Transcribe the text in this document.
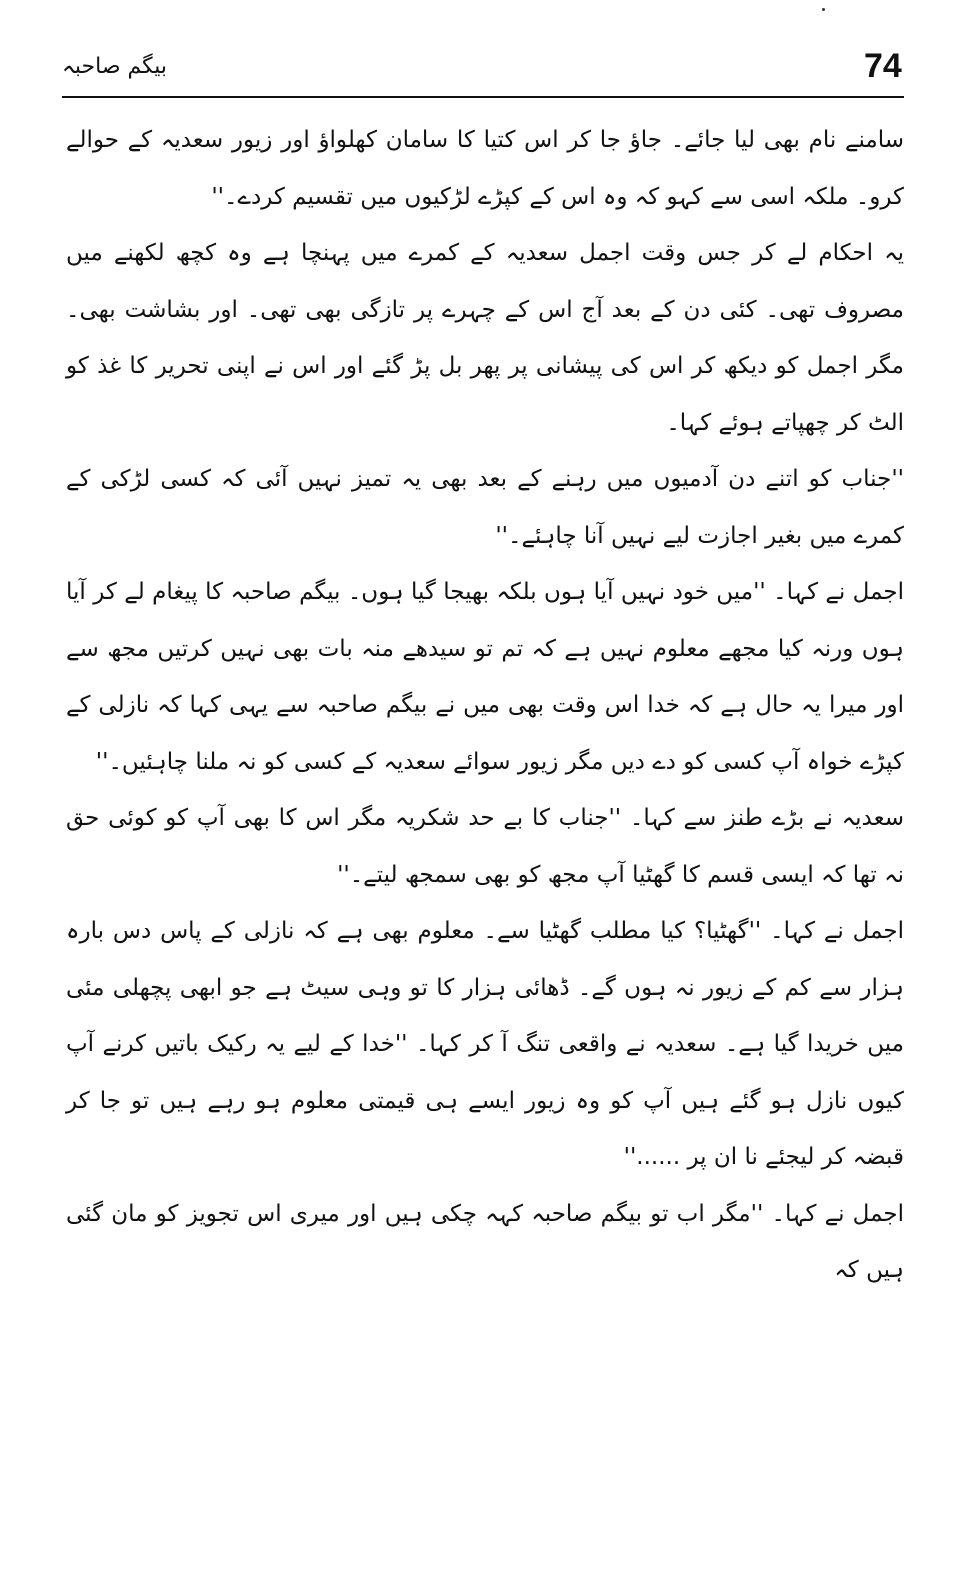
بیگم صاحبہ	74

سامنے نام بھی لیا جائے۔ جاؤ جا کر اس کتیا کا سامان کھلواؤ اور زیور سعدیہ کے حوالے کرو۔ ملکہ اسی سے کہو کہ وہ اس کے کپڑے لڑکیوں میں تقسیم کردے۔''

یہ احکام لے کر جس وقت اجمل سعدیہ کے کمرے میں پہنچا ہے وہ کچھ لکھنے میں مصروف تھی۔ کئی دن کے بعد آج اس کے چہرے پر تازگی بھی تھی۔ اور بشاشت بھی۔ مگر اجمل کو دیکھ کر اس کی پیشانی پر پھر بل پڑ گئے اور اس نے اپنی تحریر کا غذ کو الٹ کر چھپاتے ہوئے کہا۔

''جناب کو اتنے دن آدمیوں میں رہنے کے بعد بھی یہ تمیز نہیں آئی کہ کسی لڑکی کے کمرے میں بغیر اجازت لیے نہیں آنا چاہئے۔''

اجمل نے کہا۔ ''میں خود نہیں آیا ہوں بلکہ بھیجا گیا ہوں۔ بیگم صاحبہ کا پیغام لے کر آیا ہوں ورنہ کیا مجھے معلوم نہیں ہے کہ تم تو سیدھے منہ بات بھی نہیں کرتیں مجھ سے اور میرا یہ حال ہے کہ خدا اس وقت بھی میں نے بیگم صاحبہ سے یہی کہا کہ نازلی کے کپڑے خواہ آپ کسی کو دے دیں مگر زیور سوائے سعدیہ کے کسی کو نہ ملنا چاہئیں۔''

سعدیہ نے بڑے طنز سے کہا۔ ''جناب کا بے حد شکریہ مگر اس کا بھی آپ کو کوئی حق نہ تھا کہ ایسی قسم کا گھٹیا آپ مجھ کو بھی سمجھ لیتے۔''

اجمل نے کہا۔ ''گھٹیا؟ کیا مطلب گھٹیا سے۔ معلوم بھی ہے کہ نازلی کے پاس دس بارہ ہزار سے کم کے زیور نہ ہوں گے۔ ڈھائی ہزار کا تو وہی سیٹ ہے جو ابھی پچھلی مئی میں خریدا گیا ہے۔ سعدیہ نے واقعی تنگ آ کر کہا۔ ''خدا کے لیے یہ رکیک باتیں کرنے آپ کیوں نازل ہو گئے ہیں آپ کو وہ زیور ایسے ہی قیمتی معلوم ہو رہے ہیں تو جا کر قبضہ کر لیجئے نا ان پر ......''

اجمل نے کہا۔ ''مگر اب تو بیگم صاحبہ کہہ چکی ہیں اور میری اس تجویز کو مان گئی ہیں کہ
